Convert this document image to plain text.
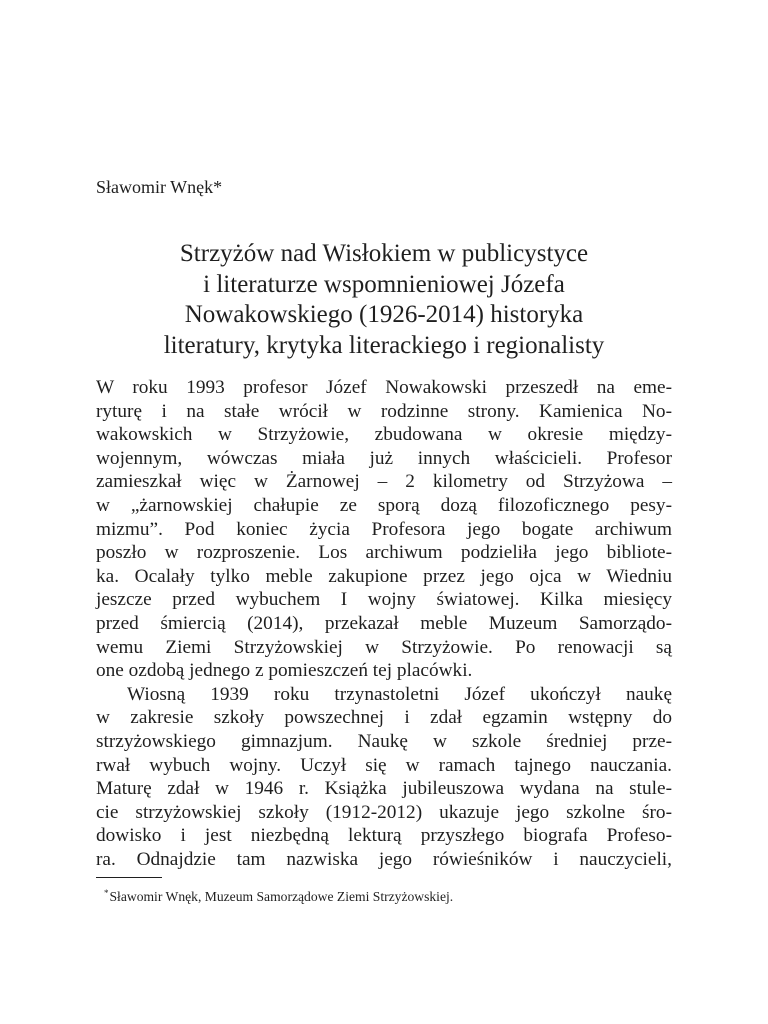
Sławomir Wnęk*
Strzyżów nad Wisłokiem w publicystyce
i literaturze wspomnieniowej Józefa
Nowakowskiego (1926-2014) historyka
literatury, krytyka literackiego i regionalisty
W roku 1993 profesor Józef Nowakowski przeszedł na eme-
ryturę i na stałe wrócił w rodzinne strony. Kamienica No-
wakowskich w Strzyżowie, zbudowana w okresie między-
wojennym, wówczas miała już innych właścicieli. Profesor
zamieszkał więc w Żarnowej – 2 kilometry od Strzyżowa –
w „żarnowskiej chałupie ze sporą dozą filozoficznego pesy-
mizmu”. Pod koniec życia Profesora jego bogate archiwum
poszło w rozproszenie. Los archiwum podzieliła jego bibliote-
ka. Ocalały tylko meble zakupione przez jego ojca w Wiedniu
jeszcze przed wybuchem I wojny światowej. Kilka miesięcy
przed śmiercią (2014), przekazał meble Muzeum Samorządo-
wemu Ziemi Strzyżowskiej w Strzyżowie. Po renowacji są
one ozdobą jednego z pomieszczeń tej placówki.
Wiosną 1939 roku trzynastoletni Józef ukończył naukę
w zakresie szkoły powszechnej i zdał egzamin wstępny do
strzyżowskiego gimnazjum. Naukę w szkole średniej prze-
rwał wybuch wojny. Uczył się w ramach tajnego nauczania.
Maturę zdał w 1946 r. Książka jubileuszowa wydana na stule-
cie strzyżowskiej szkoły (1912-2012) ukazuje jego szkolne śro-
dowisko i jest niezbędną lekturą przyszłego biografa Profeso-
ra. Odnajdzie tam nazwiska jego rówieśników i nauczycieli,
*Sławomir Wnęk, Muzeum Samorządowe Ziemi Strzyżowskiej.
